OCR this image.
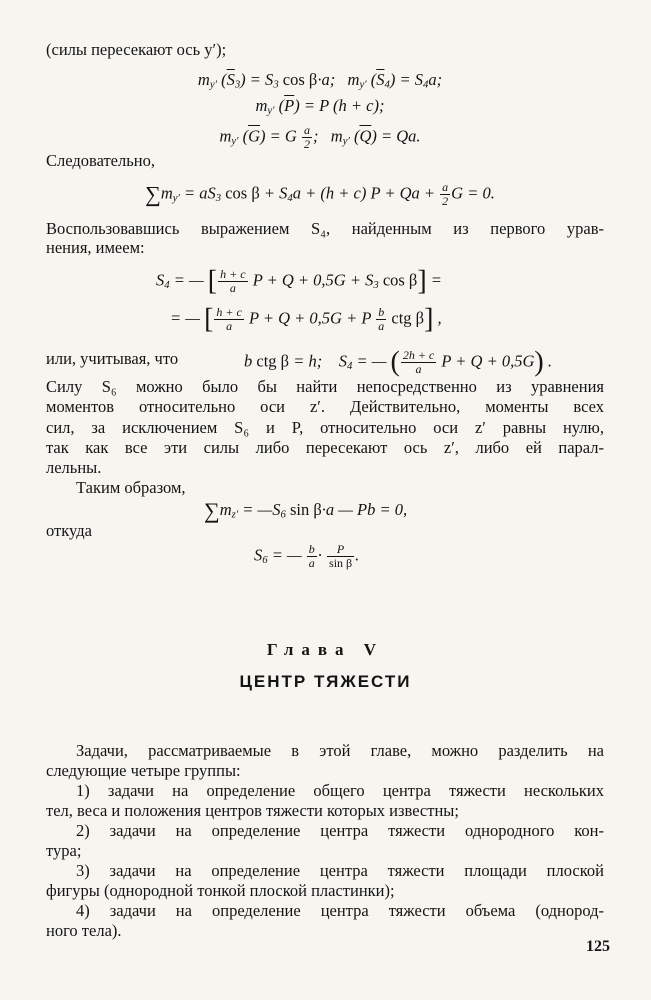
(силы пересекают ось y′);
$m_{y'}$ $(\overline{S}_3) = S_3$ cos β·a;   $m_{y'}$ $(\overline{S}_4) = S_4a$;
$m_{y'}$ $(\overline{P}) = P$ (h + c);
$m_{y'}$ $(\overline{G}) = G \frac{a}{2}$ ;   $m_{y'}$ $(\overline{Q}) = Qa$.
Следовательно,
$\sum m_{y'} = aS_3$ $\cos \beta + S_4a + (h + c) P + Qa + \frac{a}{2}$ G = 0.
Воспользовавшись выражением S₄, найденным из первого урав-
нения, имеем:
$S_4$ = — [ $\frac{h + c}{a}$ $P + Q + 0,5G + S_3$ cos β] =
= — [ $\frac{h + c}{a}$ P + Q + 0,5G + P $\frac{b}{a}$ ctg β] ,
или, учитывая, что	b ctg β = h;    $S_4$ = — ( $\frac{2h + c}{a}$ P + Q + 0,5G) .
Силу S₆ можно было бы найти непосредственно из уравнения
моментов относительно оси z′. Действительно, моменты всех
сил, за исключением S₆ и P, относительно оси z′ равны нулю,
так как все эти силы либо пересекают ось z′, либо ей парал-
лельны.
Таким образом,
$\sum m_{z'}$ = $—S_6$ sin β·a — Pb = 0,
откуда
$S_6$ = — $\frac{b}{a} \cdot \frac{P}{\text{sin β}}$ .
Глава V
ЦЕНТР ТЯЖЕСТИ
Задачи, рассматриваемые в этой главе, можно разделить на
следующие четыре группы:
1) задачи на определение общего центра тяжести нескольких
тел, веса и положения центров тяжести которых известны;
2) задачи на определение центра тяжести однородного кон-
тура;
3) задачи на определение центра тяжести площади плоской
фигуры (однородной тонкой плоской пластинки);
4) задачи на определение центра тяжести объема (однород-
ного тела).
125
